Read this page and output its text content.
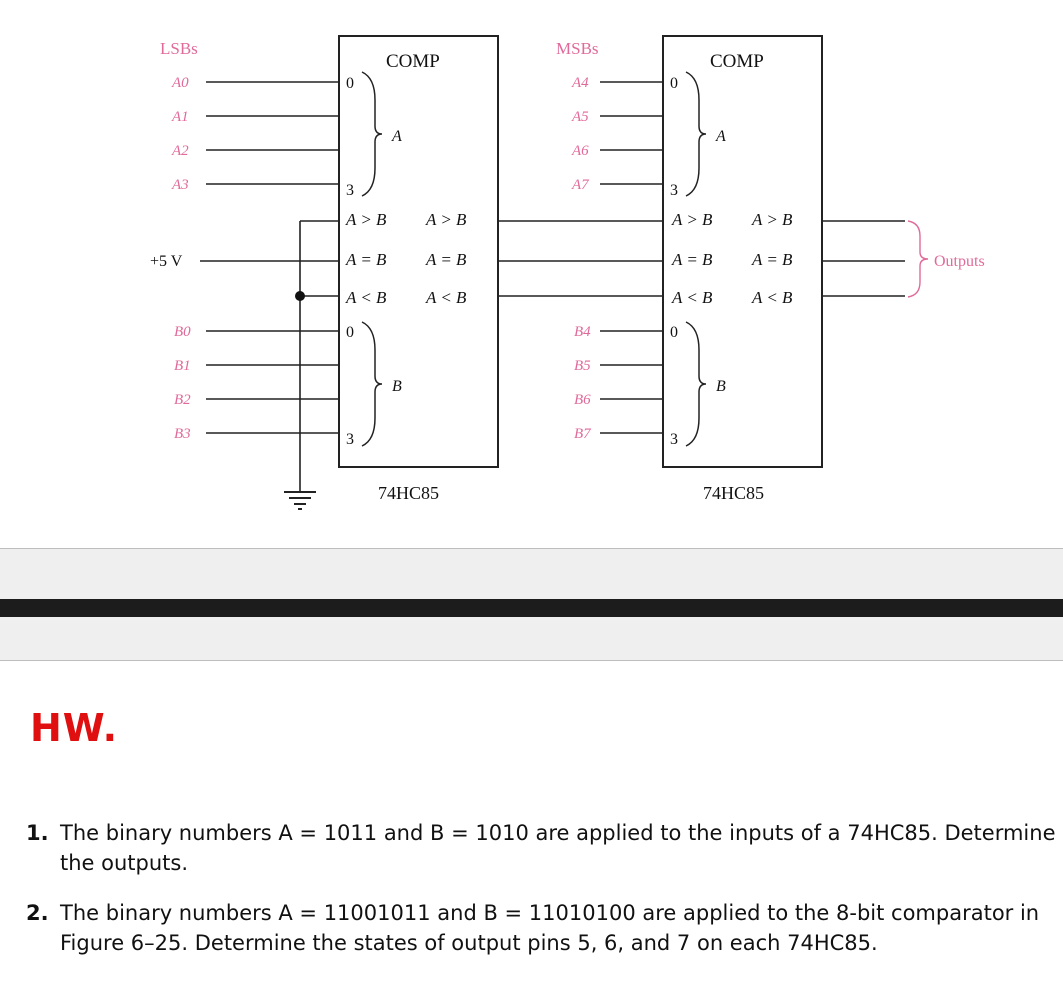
LSBs	MSBs
COMP	COMP
74HC85	74HC85
A0
A1
A2
A3
0
3
A
A > B
A = B
A < B
A > B
A = B
A < B
B0
B1
B2
B3
0
3
B
+5 V
A4
A5
A6
A7
0
3
A
A > B
A = B
A < B
A > B
A = B
A < B
B4
B5
B6
B7
0
3
B
Outputs
HW.
1. The binary numbers A = 1011 and B = 1010 are applied to the inputs of a 74HC85. Determine the outputs.
2. The binary numbers A = 11001011 and B = 11010100 are applied to the 8-bit comparator in Figure 6–25. Determine the states of output pins 5, 6, and 7 on each 74HC85.
